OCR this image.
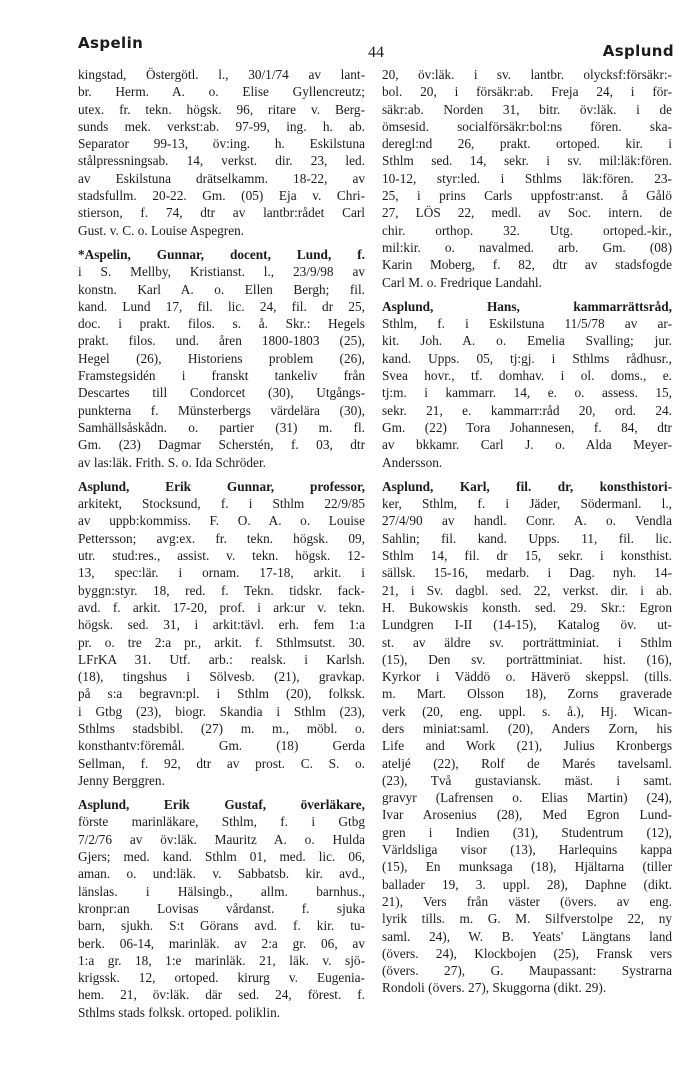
Aspelin
44	Asplund
kingstad, Östergötl. l., 30/1/74 av lant-
br. Herm. A. o. Elise Gyllencreutz;
utex. fr. tekn. högsk. 96, ritare v. Berg-
sunds mek. verkst:ab. 97-99, ing. h. ab.
Separator 99-13, öv:ing. h. Eskilstuna
stålpressningsab. 14, verkst. dir. 23, led.
av Eskilstuna drätselkamm. 18-22, av
stadsfullm. 20-22. Gm. (05) Eja v. Chri-
stierson, f. 74, dtr av lantbr:rådet Carl
Gust. v. C. o. Louise Aspegren.
*Aspelin, Gunnar, docent, Lund, f.
i S. Mellby, Kristianst. l., 23/9/98 av
konstn. Karl A. o. Ellen Bergh; fil.
kand. Lund 17, fil. lic. 24, fil. dr 25,
doc. i prakt. filos. s. å. Skr.: Hegels
prakt. filos. und. åren 1800-1803 (25),
Hegel (26), Historiens problem (26),
Framstegsidén i franskt tankeliv från
Descartes till Condorcet (30), Utgångs-
punkterna f. Münsterbergs värdelära (30),
Samhällsåskådn. o. partier (31) m. fl.
Gm. (23) Dagmar Scherstén, f. 03, dtr
av las:läk. Frith. S. o. Ida Schröder.
Asplund, Erik Gunnar, professor,
arkitekt, Stocksund, f. i Sthlm 22/9/85
av uppb:kommiss. F. O. A. o. Louise
Pettersson; avg:ex. fr. tekn. högsk. 09,
utr. stud:res., assist. v. tekn. högsk. 12-
13, spec:lär. i ornam. 17-18, arkit. i
byggn:styr. 18, red. f. Tekn. tidskr. fack-
avd. f. arkit. 17-20, prof. i ark:ur v. tekn.
högsk. sed. 31, i arkit:tävl. erh. fem 1:a
pr. o. tre 2:a pr., arkit. f. Sthlmsutst. 30.
LFrKA 31. Utf. arb.: realsk. i Karlsh.
(18), tingshus i Sölvesb. (21), gravkap.
på s:a begravn:pl. i Sthlm (20), folksk.
i Gtbg (23), biogr. Skandia i Sthlm (23),
Sthlms stadsbibl. (27) m. m., möbl. o.
konsthantv:föremål. Gm. (18) Gerda
Sellman, f. 92, dtr av prost. C. S. o.
Jenny Berggren.
Asplund, Erik Gustaf, överläkare,
förste marinläkare, Sthlm, f. i Gtbg
7/2/76 av öv:läk. Mauritz A. o. Hulda
Gjers; med. kand. Sthlm 01, med. lic. 06,
aman. o. und:läk. v. Sabbatsb. kir. avd.,
länslas. i Hälsingb., allm. barnhus.,
kronpr:an Lovisas vårdanst. f. sjuka
barn, sjukh. S:t Görans avd. f. kir. tu-
berk. 06-14, marinläk. av 2:a gr. 06, av
1:a gr. 18, 1:e marinläk. 21, läk. v. sjö-
krigssk. 12, ortoped. kirurg v. Eugenia-
hem. 21, öv:läk. där sed. 24, förest. f.
Sthlms stads folksk. ortoped. poliklin.
20, öv:läk. i sv. lantbr. olycksf:försäkr:-
bol. 20, i försäkr:ab. Freja 24, i för-
säkr:ab. Norden 31, bitr. öv:läk. i de
ömsesid. socialförsäkr:bol:ns fören. ska-
deregl:nd 26, prakt. ortoped. kir. i
Sthlm sed. 14, sekr. i sv. mil:läk:fören.
10-12, styr:led. i Sthlms läk:fören. 23-
25, i prins Carls uppfostr:anst. å Gålö
27, LÖS 22, medl. av Soc. intern. de
chir. orthop. 32. Utg. ortoped.-kir.,
mil:kir. o. navalmed. arb. Gm. (08)
Karin Moberg, f. 82, dtr av stadsfogde
Carl M. o. Fredrique Landahl.
Asplund, Hans, kammarrättsråd,
Sthlm, f. i Eskilstuna 11/5/78 av ar-
kit. Joh. A. o. Emelia Svalling; jur.
kand. Upps. 05, tj:gj. i Sthlms rådhusr.,
Svea hovr., tf. domhav. i ol. doms., e.
tj:m. i kammarr. 14, e. o. assess. 15,
sekr. 21, e. kammarr:råd 20, ord. 24.
Gm. (22) Tora Johannesen, f. 84, dtr
av bkkamr. Carl J. o. Alda Meyer-
Andersson.
Asplund, Karl, fil. dr, konsthistori-
ker, Sthlm, f. i Jäder, Södermanl. l.,
27/4/90 av handl. Conr. A. o. Vendla
Sahlin; fil. kand. Upps. 11, fil. lic.
Sthlm 14, fil. dr 15, sekr. i konsthist.
sällsk. 15-16, medarb. i Dag. nyh. 14-
21, i Sv. dagbl. sed. 22, verkst. dir. i ab.
H. Bukowskis konsth. sed. 29. Skr.: Egron
Lundgren I-II (14-15), Katalog öv. ut-
st. av äldre sv. porträttminiat. i Sthlm
(15), Den sv. porträttminiat. hist. (16),
Kyrkor i Väddö o. Häverö skeppsl. (tills.
m. Mart. Olsson 18), Zorns graverade
verk (20, eng. uppl. s. å.), Hj. Wican-
ders miniat:saml. (20), Anders Zorn, his
Life and Work (21), Julius Kronbergs
ateljé (22), Rolf de Marés tavelsaml.
(23), Två gustaviansk. mäst. i samt.
gravyr (Lafrensen o. Elias Martin) (24),
Ivar Arosenius (28), Med Egron Lund-
gren i Indien (31), Studentrum (12),
Världsliga visor (13), Harlequins kappa
(15), En munksaga (18), Hjältarna (tiller
ballader 19, 3. uppl. 28), Daphne (dikt.
21), Vers från väster (övers. av eng.
lyrik tills. m. G. M. Silfverstolpe 22, ny
saml. 24), W. B. Yeats' Längtans land
(övers. 24), Klockbojen (25), Fransk vers
(övers. 27), G. Maupassant: Systrarna
Rondoli (övers. 27), Skuggorna (dikt. 29).
